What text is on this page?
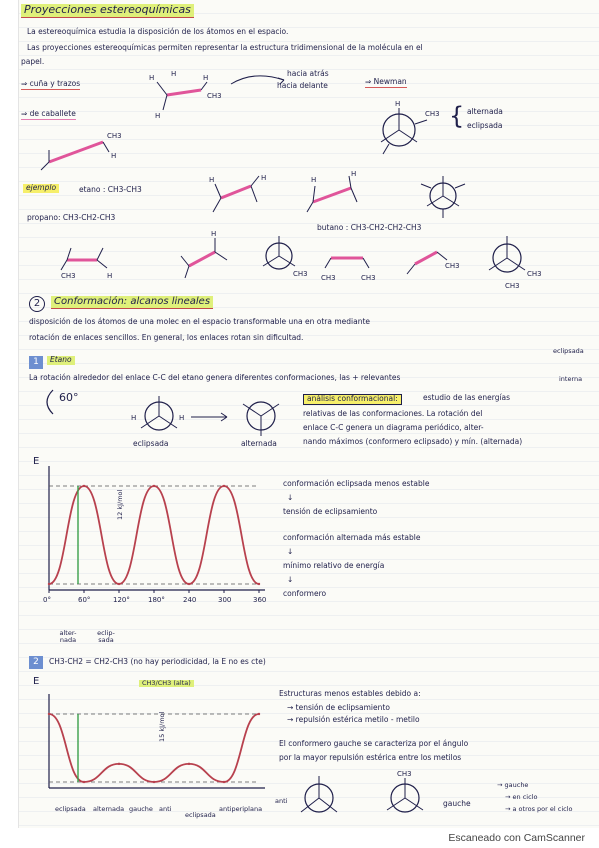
Proyecciones estereoquímicas
La estereoquímica estudia la disposición de los átomos en el espacio.
Las proyecciones estereoquímicas permiten representar la estructura tridimensional de la molécula en el
papel.
⇒ cuña y trazos
H H
H
CH3
H	hacia atrás
hacia delante	⇒ Newman
⇒ de caballete
CH3
H
CH3
H { alternada
eclipsada
ejemplo	etano : CH3-CH3
propano: CH3-CH2-CH3
butano : CH3-CH2-CH2-CH3
H	H	H
H
CH3	H
H
CH3 CH3	CH3
CH3
CH3
CH3
2	Conformación: alcanos lineales
disposición de los átomos de una molec en el espacio transformable una en otra mediante
rotación de enlaces sencillos. En general, los enlaces rotan sin dificultad.
1	Etano
eclipsada
La rotación alrededor del enlace C-C del etano genera diferentes conformaciones, las + relevantes	interna
60°
H	H
eclipsada	alternada
análisis conformacional:	estudio de las energías
relativas de las conformaciones. La rotación del
enlace C-C genera un diagrama periódico, alter-
nando máximos (conformero eclipsado) y mín. (alternada)
E
0°	60°	120°	180°	240	300	360
12 kJ/mol
alter-nada
eclip-sada
conformación eclipsada menos estable
↓
tensión de eclipsamiento
conformación alternada más estable
↓
mínimo relativo de energía
↓
conformero
2	CH3-CH2 = CH2-CH3 (no hay periodicidad, la E no es cte)
E	CH3/CH3 (alta)
15 kJ/mol
eclipsada alternada gauche anti
eclipsada
antiperiplana
Estructuras menos estables debido a:
→ tensión de eclipsamiento
→ repulsión estérica metilo - metilo
El conformero gauche se caracteriza por el ángulo
por la mayor repulsión estérica entre los metilos
CH3
anti	gauche
→ gauche
→ en ciclo
→ a otros por el ciclo
Escaneado con CamScanner
